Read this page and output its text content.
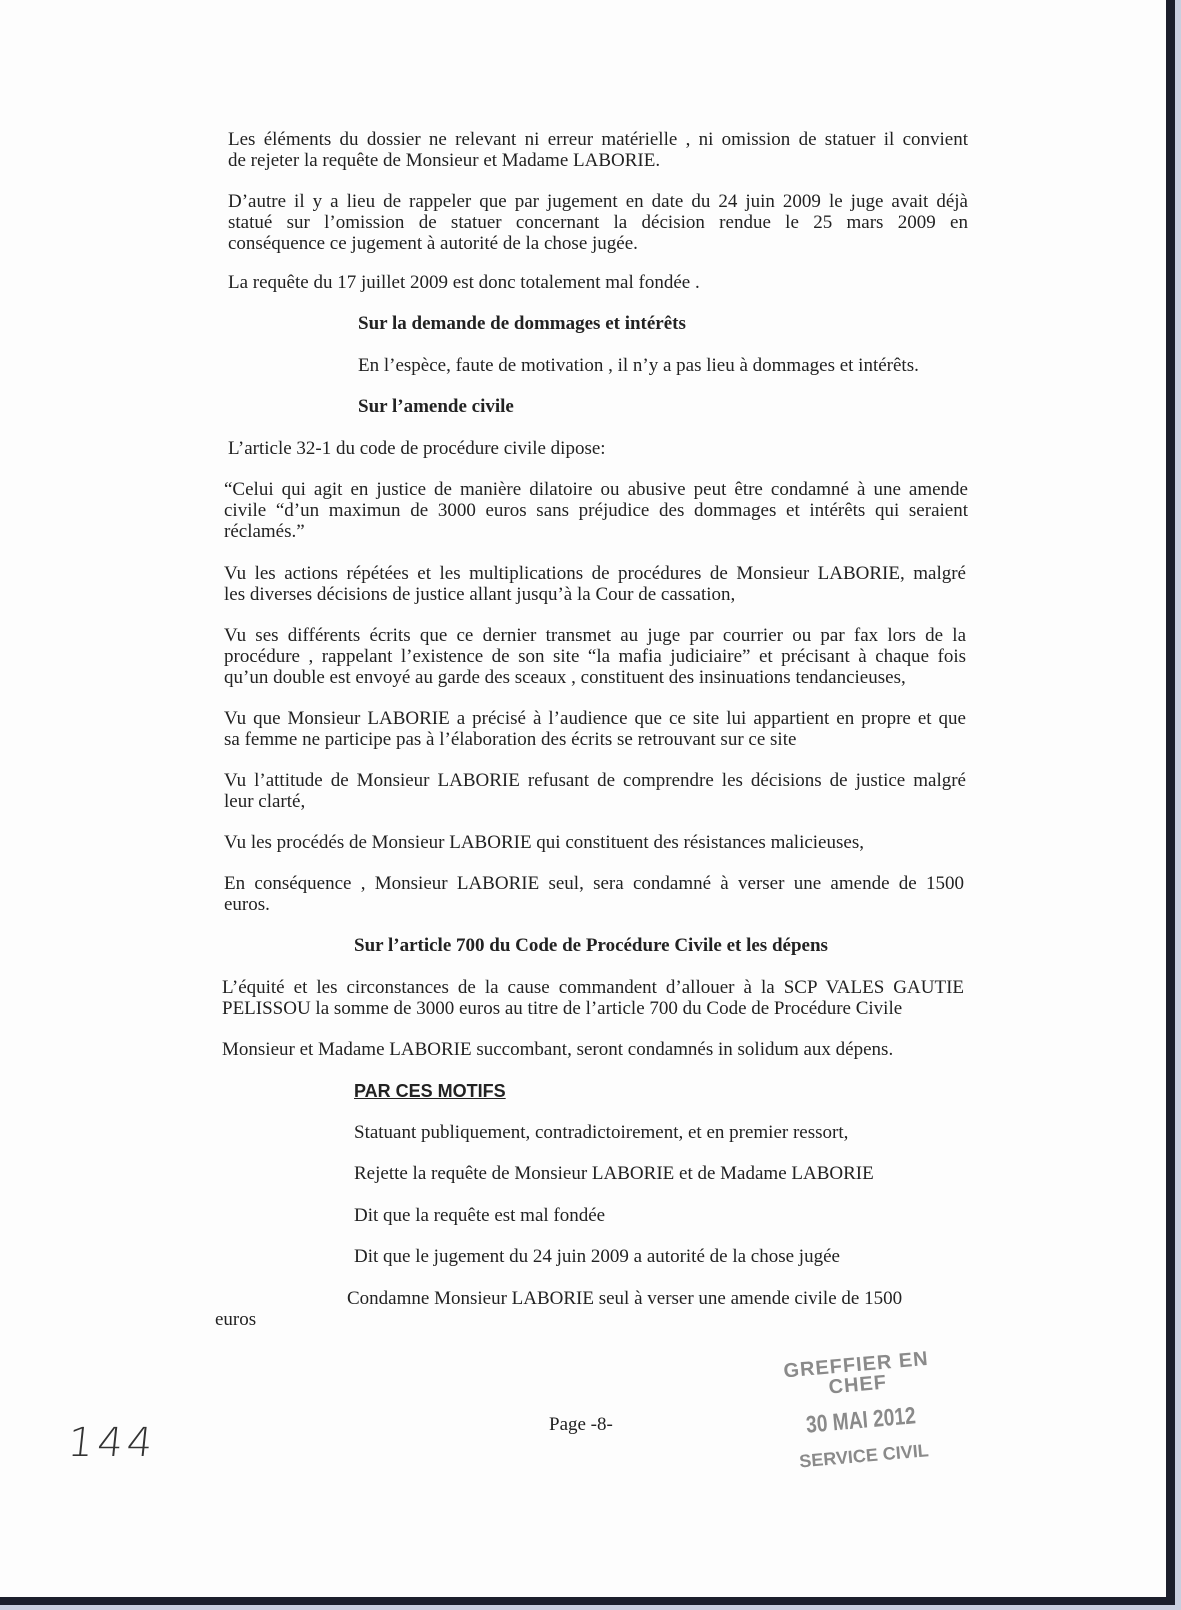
Les éléments du dossier ne relevant ni erreur matérielle , ni omission de statuer il convient
de rejeter la requête de Monsieur et Madame LABORIE.
D’autre il y a lieu de rappeler que par jugement en date du 24 juin 2009 le juge avait déjà
statué sur l’omission de statuer concernant la décision rendue le 25 mars 2009 en
conséquence ce jugement à autorité de la chose jugée.
La requête du 17 juillet 2009 est donc totalement mal fondée .
Sur la demande de dommages et intérêts
En l’espèce, faute de motivation , il n’y a pas lieu à dommages et intérêts.
Sur l’amende civile
L’article 32-1 du code de procédure civile dipose:
“Celui qui agit en justice de manière dilatoire ou abusive peut être condamné à une amende
civile “d’un maximun de 3000 euros sans préjudice des dommages et intérêts qui seraient
réclamés.”
Vu les actions répétées et les multiplications de procédures de Monsieur LABORIE, malgré
les diverses décisions de justice allant jusqu’à la Cour de cassation,
Vu ses différents écrits que ce dernier transmet au juge par courrier ou par fax lors de la
procédure , rappelant l’existence de son site “la mafia judiciaire” et précisant à chaque fois
qu’un double est envoyé au garde des sceaux , constituent des insinuations tendancieuses,
Vu que Monsieur LABORIE a précisé à l’audience que ce site lui appartient en propre et que
sa femme ne participe pas à l’élaboration des écrits se retrouvant sur ce site
Vu l’attitude de Monsieur LABORIE refusant de comprendre les décisions de justice malgré
leur clarté,
Vu les procédés de Monsieur LABORIE qui constituent des résistances malicieuses,
En conséquence , Monsieur LABORIE seul, sera condamné à verser une amende de 1500
euros.
Sur l’article 700 du Code de Procédure Civile et les dépens
L’équité et les circonstances de la cause commandent d’allouer à la SCP VALES GAUTIE
PELISSOU la somme de 3000 euros au titre de l’article 700 du Code de Procédure Civile
Monsieur et Madame LABORIE succombant, seront condamnés in solidum aux dépens.
PAR CES MOTIFS
Statuant publiquement, contradictoirement, et en premier ressort,
Rejette la requête de Monsieur LABORIE et de Madame LABORIE
Dit que la requête est mal fondée
Dit que le jugement du 24 juin 2009 a autorité de la chose jugée
Condamne Monsieur LABORIE seul à verser une amende civile de 1500
euros
Page -8-
GREFFIER EN CHEF
30 MAI 2012
SERVICE CIVIL
144
